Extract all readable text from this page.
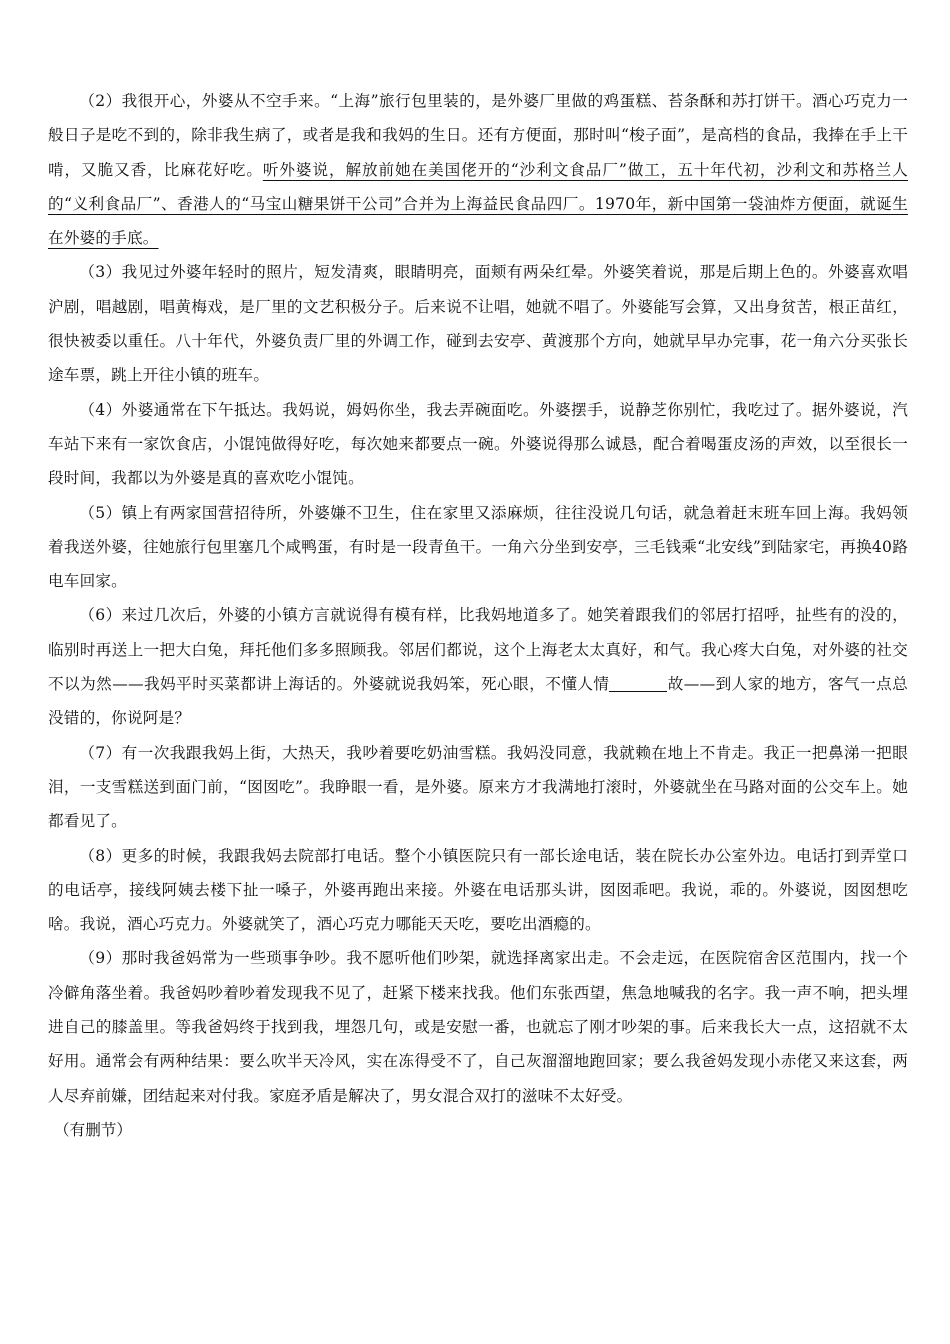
（2）我很开心，外婆从不空手来。“上海”旅行包里装的，是外婆厂里做的鸡蛋糕、苔条酥和苏打饼干。酒心巧克力一般日子是吃不到的，除非我生病了，或者是我和我妈的生日。还有方便面，那时叫“梭子面”，是高档的食品，我捧在手上干啃，又脆又香，比麻花好吃。听外婆说，解放前她在美国佬开的“沙利文食品厂”做工，五十年代初，沙利文和苏格兰人的“义利食品厂”、香港人的“马宝山糖果饼干公司”合并为上海益民食品四厂。1970年，新中国第一袋油炸方便面，就诞生在外婆的手底。

（3）我见过外婆年轻时的照片，短发清爽，眼睛明亮，面颊有两朵红晕。外婆笑着说，那是后期上色的。外婆喜欢唱沪剧，唱越剧，唱黄梅戏，是厂里的文艺积极分子。后来说不让唱，她就不唱了。外婆能写会算，又出身贫苦，根正苗红，很快被委以重任。八十年代，外婆负责厂里的外调工作，碰到去安亭、黄渡那个方向，她就早早办完事，花一角六分买张长途车票，跳上开往小镇的班车。

（4）外婆通常在下午抵达。我妈说，姆妈你坐，我去弄碗面吃。外婆摆手，说静芝你别忙，我吃过了。据外婆说，汽车站下来有一家饮食店，小馄饨做得好吃，每次她来都要点一碗。外婆说得那么诚恳，配合着喝蛋皮汤的声效，以至很长一段时间，我都以为外婆是真的喜欢吃小馄饨。

（5）镇上有两家国营招待所，外婆嫌不卫生，住在家里又添麻烦，往往没说几句话，就急着赶末班车回上海。我妈领着我送外婆，往她旅行包里塞几个咸鸭蛋，有时是一段青鱼干。一角六分坐到安亭，三毛钱乘“北安线”到陆家宅，再换40路电车回家。

（6）来过几次后，外婆的小镇方言就说得有模有样，比我妈地道多了。她笑着跟我们的邻居打招呼，扯些有的没的，临别时再送上一把大白兔，拜托他们多多照顾我。邻居们都说，这个上海老太太真好，和气。我心疼大白兔，对外婆的社交不以为然——我妈平时买菜都讲上海话的。外婆就说我妈笨，死心眼，不懂人情	故——到人家的地方，客气一点总没错的，你说阿是？

（7）有一次我跟我妈上街，大热天，我吵着要吃奶油雪糕。我妈没同意，我就赖在地上不肯走。我正一把鼻涕一把眼泪，一支雪糕送到面门前，“囡囡吃”。我睁眼一看，是外婆。原来方才我满地打滚时，外婆就坐在马路对面的公交车上。她都看见了。

（8）更多的时候，我跟我妈去院部打电话。整个小镇医院只有一部长途电话，装在院长办公室外边。电话打到弄堂口的电话亭，接线阿姨去楼下扯一嗓子，外婆再跑出来接。外婆在电话那头讲，囡囡乖吧。我说，乖的。外婆说，囡囡想吃啥。我说，酒心巧克力。外婆就笑了，酒心巧克力哪能天天吃，要吃出酒瘾的。

（9）那时我爸妈常为一些琐事争吵。我不愿听他们吵架，就选择离家出走。不会走远，在医院宿舍区范围内，找一个冷僻角落坐着。我爸妈吵着吵着发现我不见了，赶紧下楼来找我。他们东张西望，焦急地喊我的名字。我一声不响，把头埋进自己的膝盖里。等我爸妈终于找到我，埋怨几句，或是安慰一番，也就忘了刚才吵架的事。后来我长大一点，这招就不太好用。通常会有两种结果：要么吹半天冷风，实在冻得受不了，自己灰溜溜地跑回家；要么我爸妈发现小赤佬又来这套，两人尽弃前嫌，团结起来对付我。家庭矛盾是解决了，男女混合双打的滋味不太好受。

（有删节）
